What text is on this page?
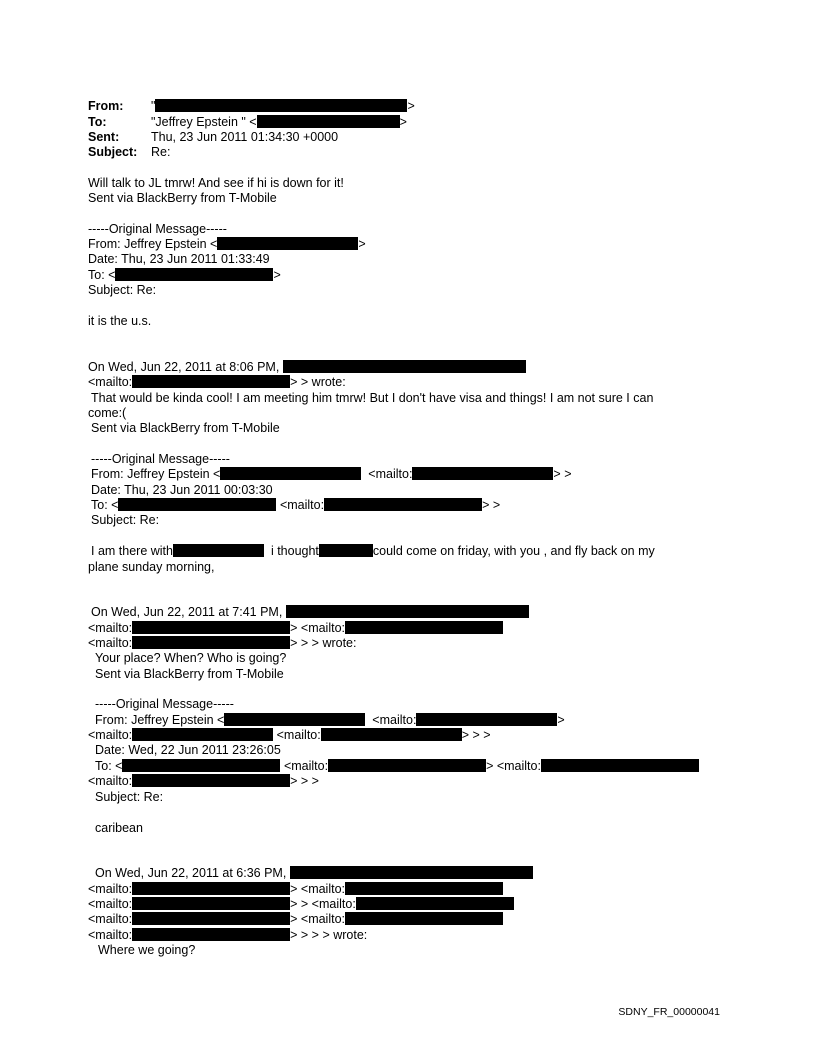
From: "	>
To:	"Jeffrey Epstein " <	>
Sent:	Thu, 23 Jun 2011 01:34:30 +0000
Subject: Re:
Will talk to JL tmrw! And see if hi is down for it!
Sent via BlackBerry from T-Mobile
-----Original Message-----
From: Jeffrey Epstein <	>
Date: Thu, 23 Jun 2011 01:33:49
To: <	>
Subject: Re:
it is the u.s.
On Wed, Jun 22, 2011 at 8:06 PM,
<mailto:	> > wrote:
That would be kinda cool! I am meeting him tmrw! But I don't have visa and things! I am not sure I can
come:(
Sent via BlackBerry from T-Mobile
-----Original Message-----
From: Jeffrey Epstein <	<mailto:	> >
Date: Thu, 23 Jun 2011 00:03:30
To: <	<mailto:	> >
Subject: Re:
I am there with	i thought	could come on friday, with you , and fly back on my
plane sunday morning,
On Wed, Jun 22, 2011 at 7:41 PM,
<mailto:	> <mailto:
<mailto:	> > > wrote:
Your place? When? Who is going?
Sent via BlackBerry from T-Mobile
-----Original Message-----
From: Jeffrey Epstein <	<mailto:	>
<mailto:	<mailto:	> > >
Date: Wed, 22 Jun 2011 23:26:05
To: <	<mailto:	> <mailto:
<mailto:	> > >
Subject: Re:
caribean
On Wed, Jun 22, 2011 at 6:36 PM,
<mailto:	> <mailto:
<mailto:	> > <mailto:
<mailto:	> <mailto:
<mailto:	> > > > wrote:
Where we going?
SDNY_FR_00000041
